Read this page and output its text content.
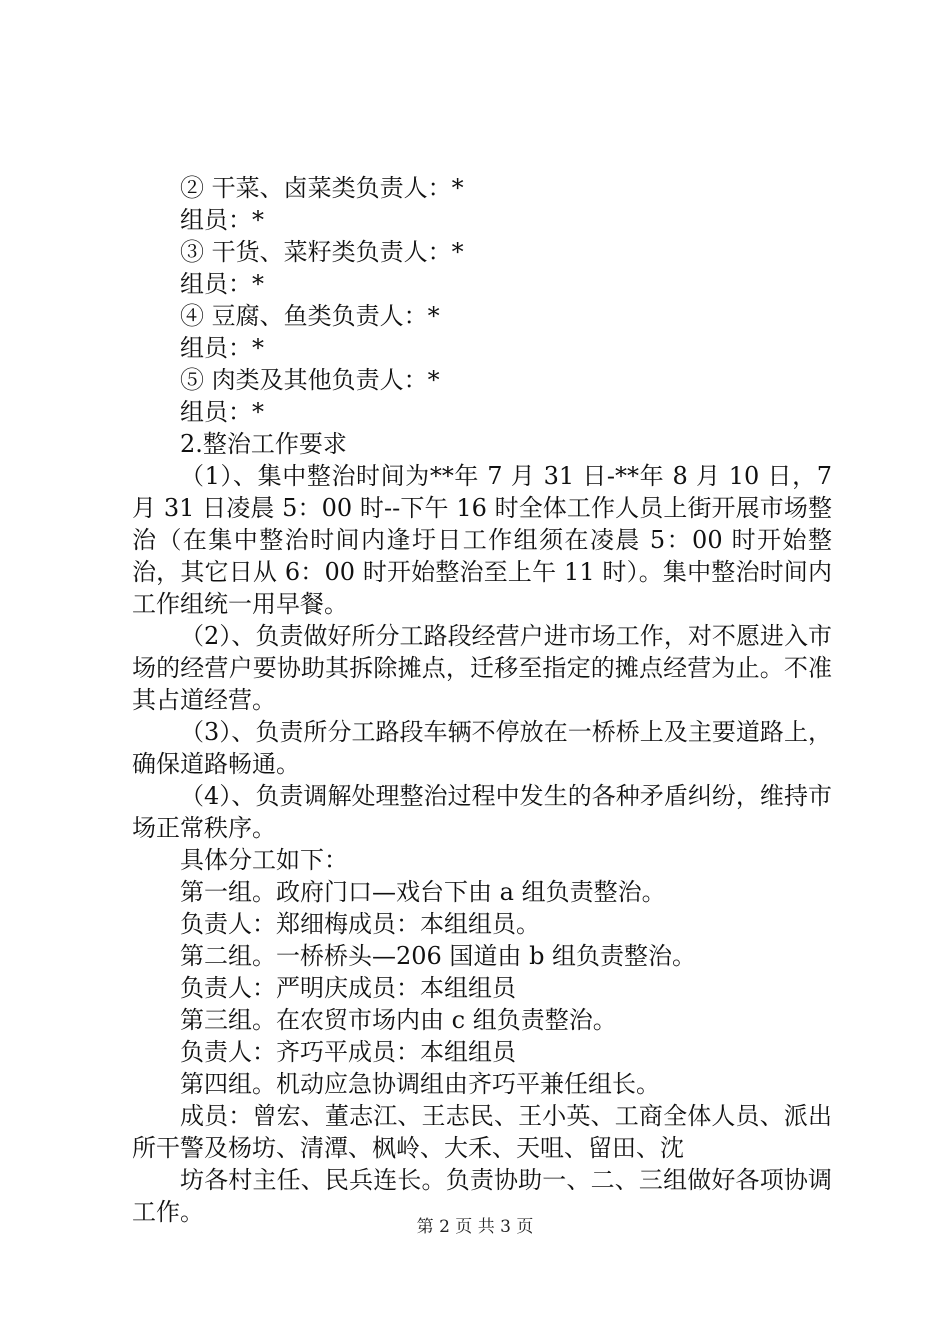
② 干菜、卤菜类负责人：*
组员：*
③ 干货、菜籽类负责人：*
组员：*
④ 豆腐、鱼类负责人：*
组员：*
⑤ 肉类及其他负责人：*
组员：*
2.整治工作要求
（1）、集中整治时间为**年 7 月 31 日-**年 8 月 10 日，7 月 31 日凌晨 5：00 时--下午 16 时全体工作人员上街开展市场整治（在集中整治时间内逢圩日工作组须在凌晨 5：00 时开始整治，其它日从 6：00 时开始整治至上午 11 时）。集中整治时间内工作组统一用早餐。
（2）、负责做好所分工路段经营户进市场工作，对不愿进入市场的经营户要协助其拆除摊点，迁移至指定的摊点经营为止。不准其占道经营。
（3）、负责所分工路段车辆不停放在一桥桥上及主要道路上，确保道路畅通。
（4）、负责调解处理整治过程中发生的各种矛盾纠纷，维持市场正常秩序。
具体分工如下：
第一组。政府门口—戏台下由 a 组负责整治。
负责人：郑细梅成员：本组组员。
第二组。一桥桥头—206 国道由 b 组负责整治。
负责人：严明庆成员：本组组员
第三组。在农贸市场内由 c 组负责整治。
负责人：齐巧平成员：本组组员
第四组。机动应急协调组由齐巧平兼任组长。
成员：曾宏、董志江、王志民、王小英、工商全体人员、派出所干警及杨坊、清潭、枫岭、大禾、天咀、留田、沈
坊各村主任、民兵连长。负责协助一、二、三组做好各项协调工作。
第 2 页 共 3 页
